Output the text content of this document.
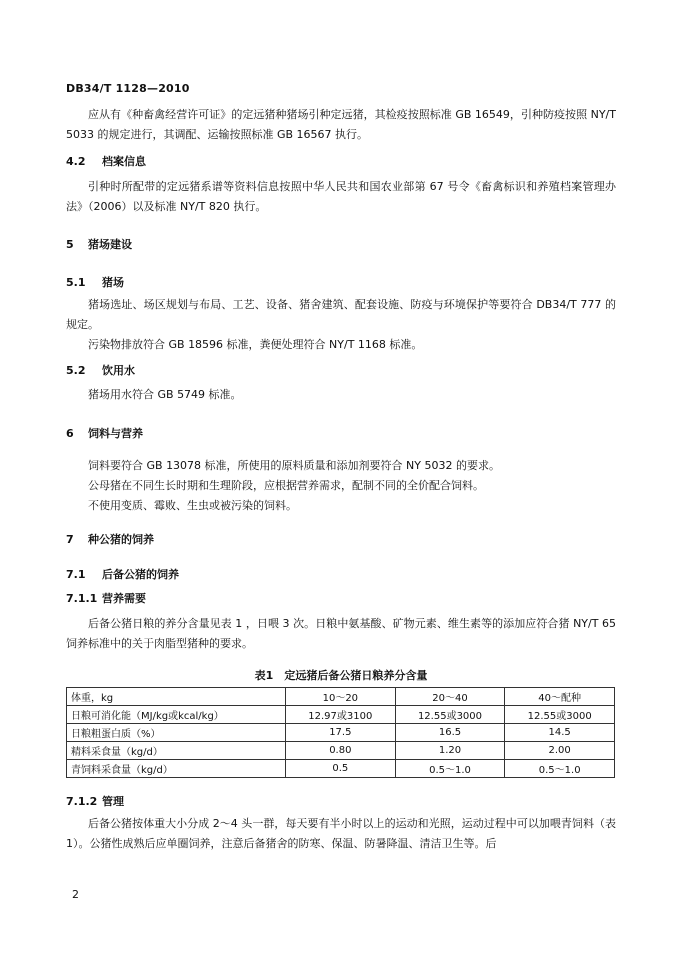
DB34/T 1128—2010

应从有《种畜禽经营许可证》的定远猪种猪场引种定远猪，其检疫按照标准 GB 16549，引种防疫按照 NY/T 5033 的规定进行，其调配、运输按照标准 GB 16567 执行。

4.2 档案信息

引种时所配带的定远猪系谱等资料信息按照中华人民共和国农业部第 67 号令《畜禽标识和养殖档案管理办法》（2006）以及标准 NY/T 820 执行。

5 猪场建设

5.1 猪场

猪场选址、场区规划与布局、工艺、设备、猪舍建筑、配套设施、防疫与环境保护等要符合 DB34/T 777 的规定。

污染物排放符合 GB 18596 标准，粪便处理符合 NY/T 1168 标准。

5.2 饮用水

猪场用水符合 GB 5749 标准。

6 饲料与营养

饲料要符合 GB 13078 标准，所使用的原料质量和添加剂要符合 NY 5032 的要求。

公母猪在不同生长时期和生理阶段，应根据营养需求，配制不同的全价配合饲料。

不使用变质、霉败、生虫或被污染的饲料。

7 种公猪的饲养

7.1 后备公猪的饲养

7.1.1 营养需要

后备公猪日粮的养分含量见表 1 ，日喂 3 次。日粮中氨基酸、矿物元素、维生素等的添加应符合猪 NY/T 65 饲养标准中的关于肉脂型猪种的要求。

表1　定远猪后备公猪日粮养分含量
体重，kg	10～20	20～40	40～配种
日粮可消化能（MJ/kg或kcal/kg）	12.97或3100	12.55或3000	12.55或3000
日粮粗蛋白质（%）	17.5	16.5	14.5
精料采食量（kg/d）	0.80	1.20	2.00
青饲料采食量（kg/d）	0.5	0.5～1.0	0.5～1.0

7.1.2 管理

后备公猪按体重大小分成 2～4 头一群，每天要有半小时以上的运动和光照，运动过程中可以加喂青饲料（表1）。公猪性成熟后应单圈饲养，注意后备猪舍的防寒、保温、防暑降温、清洁卫生等。后

2
